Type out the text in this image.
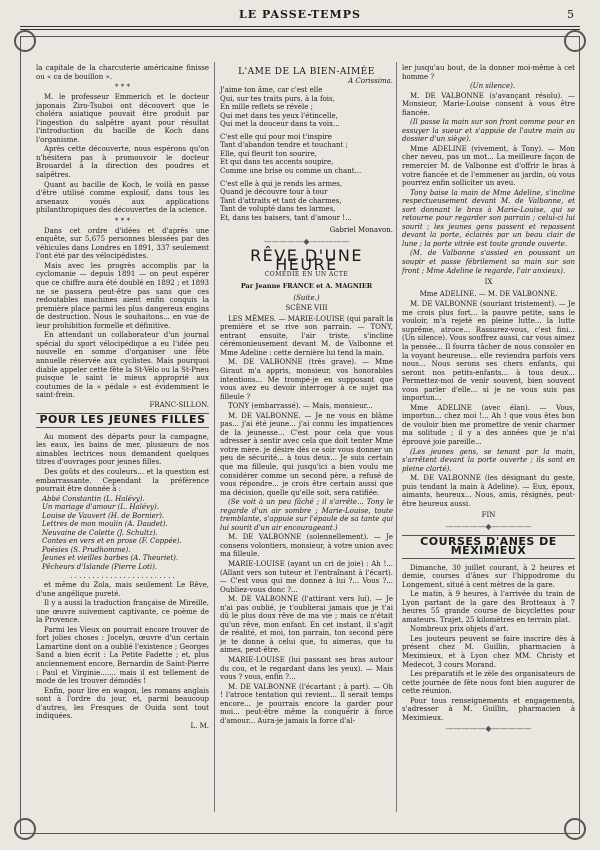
LE PASSE-TEMPS	5

la capitale de la charcuterie américaine finisse ou « ca de bouillon ».

* * *

M. le professeur Emmerich et le docteur japonais Ziro-Tsuboi ont découvert que le choléra asiatique pouvait être produit par l'ingestion du salpêtre ayant pour résultat l'introduction du bacille de Koch dans l'organisme.

Après cette découverte, nous espérons qu'on n'hésitera pas à promouvoir le docteur Brouardel à la direction des poudres et salpêtres.

Quant au bacille de Koch, le voilà en passe d'être utilisé comme explosif, dans tous les arsenaux voués aux applications philanthropiques des découvertes de la science.

* * *

Dans cet ordre d'idées et d'après une enquête, sur 5,675 personnes blessées par des véhicules dans Londres en 1891, 337 seulement l'ont été par des vélocipédistes.

Mais avec les progrès accomplis par la cyclomanie — depuis 1891 — on peut espérer que ce chiffre aura été doublé en 1892 ; et 1893 ne se passera peut-être pas sans que ces redoutables machines aient enfin conquis la première place parmi les plus dangereux engins de destruction. Nous le souhaitons... en vue de leur prohibition formelle et définitive.

En attendant un collaborateur d'un journal spécial du sport vélocipédique a eu l'idée peu nouvelle en somme d'organiser une fête annuelle réservée aux cyclistes. Mais pourquoi diable appeler cette fête la St-Vélo ou la St-Pneu puisque le saint le mieux approprié aux coutumes de la « pédale » est évidemment le saint-frein.

FRANC-SILLON.

POUR LES JEUNES FILLES

Au moment des départs pour la campagne, les eaux, les bains de mer, plusieurs de nos aimables lectrices nous demandent quelques titres d'ouvrages pour jeunes filles.

Des goûts et des couleurs... et la question est embarrassante. Cependant la préférence pourrait être donnée à :

Abbé Constantin (L. Halévy).

Un mariage d'amour (L. Halévy).

Louise de Vauvert (H. de Bornier).

Lettres de mon moulin (A. Daudet).

Neuvaine de Colette (J. Schultz).

Contes en vers et en prose (F. Coppée).

Poésies (S. Prudhomme).

Jeunes et vieilles barbes (A. Theuriet).

Pêcheurs d'Islande (Pierre Loti).

. . . . . . . . . . . . . . . . . . . . . . . .

et même du Zola, mais seulement Le Rêve, d'une angélique pureté.

Il y a aussi la traduction française de Mireille, une œuvre suivement captivante, ce poème de la Provence.

Parmi les Vieux on pourrait encore trouver de fort jolies choses : Jocelyn, œuvre d'un certain Lamartine dont on a oublié l'existence ; Georges Sand a bien écrit : La Petite Fadette ; et, plus anciennement encore, Bernardin de Saint-Pierre : Paul et Virginie....... mais il est tellement de mode de les trouver démodés !

Enfin, pour lire en wagon, les romans anglais sont à l'ordre du jour, et, parmi beaucoup d'autres, les Fresques de Ouida sont tout indiquées.

L. M.

L'AME DE LA BIEN-AIMÉE

A Corissima.

J'aime ton âme, car c'est elle

Qui, sur tes traits purs, à la fois,

En mille reflets se révèle ;

Qui met dans tes yeux l'étincelle,

Qui met la douceur dans ta voix...

C'est elle qui pour moi t'inspire

Tant d'abandon tendre et touchant ;

Elle, qui fleurit ton sourire,

Et qui dans tes accents soupire,

Comme une brise ou comme un chant...

C'est elle à qui je rends les armes,

Quand je découvre tour à tour

Tant d'attraits et tant de charmes,

Tant de volupté dans tes larmes,

Et, dans tes baisers, tant d'amour !...

Gabriel Monavon.

—————◆—————
RÊVE D'UNE HEURE
COMÉDIE EN UN ACTE
Par Jeanne FRANCE et A. MAGNIER
(Suite.)
SCÈNE VIII

LES MÊMES. — MARIE-LOUISE (qui paraît la première et se rive son parrain. — TONY, entrant ensuite, l'air triste, s'incline cérémonieusement devant M. de Valbonne et Mme Adeline : cette dernière lui tend la main.

M. DE VALBONNE (très grave). — Mme Giraut m'a appris, monsieur, vos honorables intentions... Me trompé-je en supposant que vous avez eu devoir interroger à ce sujet ma filleule ?

TONY (embarrassé). — Mais, monsieur...

M. DE VALBONNE. — Je ne vous en blâme pas... j'ai été jeune... j'ai connu les impatiences de la jeunesse... C'est pour cela que vous adresser à sentir avec cela que doit tenter Mme votre mère. je désire dès ce soir vous donner un peu de sécurité... à tous deux... Je suis certain que ma filleule, qui jusqu'ici a bien voulu me considérer comme un second père, a refusé de vous répondre... je crois être certain aussi que ma décision, quelle qu'elle soit, sera ratifiée.

(Se voit à un peu fâché ; il s'arrête... Tony le regarde d'un air sombre ; Marie-Louise, toute tremblante, s'appuie sur l'épaule de sa tante qui lui sourit d'un air encourageant.)

M. DE VALBONNE (solennellement). — Je consens volontiers, monsieur, à votre union avec ma filleule.

MARIE-LOUISE (ayant un cri de joie) : Ah !... (Allant vers son tuteur et l'entraînant à l'écart). — C'est vous qui me donnez à lui ?... Vous ?... Oubliez-vous donc ?...

M. DE VALBONNE (l'attirant vers lui). — Je n'ai pas oublié, je t'oublierai jamais que je t'ai dû le plus doux rêve de ma vie ; mais ce n'était qu'un rêve, mon enfant. En cet instant, il s'agit de réalité, et moi, ton parrain, ton second père je te donne à celui que, tu aimeras, que tu aimes, peut-être.

MARIE-LOUISE (lui passant ses bras autour du cou, et le regardant dans les yeux). — Mais vous ? vous, enfin ?...

M. DE VALBONNE (l'écartant ; à part). — Oh ! l'atroce tentation qui revient... Il serait temps encore... je pourrais encore la garder pour moi... peut-être même la conquérir à force d'amour... Aura-je jamais la force d'al-

ler jusqu'au bout, de la donner moi-même à cet homme ?

(Un silence).

M. DE VALBONNE (s'avançant résolu). — Monsieur, Marie-Louise consent à vous être fiancée.

(Il passe la main sur son front comme pour en essuyer la sueur et s'appuie de l'autre main au dossier d'un siège).

Mme ADELINE (vivement, à Tony). — Mon cher neveu, pas un mot... La meilleure façon de remercier M. de Valbonne est d'offrir le bras à votre fiancée et de l'emmener au jardin, où vous pourrez enfin solliciter un aveu.

Tony baise la main de Mme Adeline, s'incline respectueusement devant M. de Valbonne, et sort donnant le bras à Marie-Louise, qui se retourne pour regarder son parrain ; celui-ci lui sourit ; les jeunes gens passent et repassent devant la porte, éclairés par un beau clair de lune ; la porte vitrée est toute grande ouverte.

(M. de Valbonne s'assied en poussant un soupir et passe fébrilement sa main sur son front ; Mme Adeline le regarde, l'air anxieux).

IX
Mme ADELINE. — M. DE VALBONNE.

M. DE VALBONNE (souriant tristement). — Je me crois plus fort... la pauvre petite, sans le vouloir, m'a rejeté en pleine lutte... la lutte suprême, atroce... Rassurez-vous, c'est fini... (Un silence). Vous souffrez aussi, car vous aimez la pensée... Il fourra tâcher de nous consoler en la voyant heureuse... elle reviendra parfois vers nous... Nous serons ses chers enfants, qui seront nos petits-enfants... à tous deux... Permettez-moi de venir souvent, bien souvent vous parler d'elle... si je ne vous suis pas importun...

Mme ADELINE (avec élan). — Vous, importun... chez moi !... Ah ! que vous êtes bon de vouloir bien me promettre de venir charmer ma solitude ; il y a des années que je n'ai éprouvé joie pareille...

(Les jeunes gens, se tenant par la main, s'arrêtent devant la porte ouverte ; ils sont en pleine clarté).

M. DE VALBONNE (les désignant du geste, puis tendant la main à Adeline). — Eux, époux, aimants, heureux... Nous, amis, résignés, peut-être heureux aussi.

FIN
—————◆—————
COURSES D'ANES DE MEXIMIEUX

Dimanche, 30 juillet courant, à 2 heures et demie, courses d'ânes sur l'hippodrome du Longement, situé à cent mètres de la gare.

Le matin, à 9 heures, à l'arrivée du train de Lyon partant de la gare des Brotteaux à 7 heures 55 grande course de bicyclettes pour amateurs. Trajet, 25 kilomètres en terrain plat.

Nombreux prix objets d'art.

Les jouteurs peuvent se faire inscrire dès à présent chez M. Guillin, pharmacien à Meximieux, et à Lyon chez MM. Christy et Medecot, 3 cours Morand.

Les préparatifs et le zèle des organisateurs de cette journée de fête nous font bien augurer de cette réunion.

Pour tous renseignements et engagements, s'adresser à M. Guillin, pharmacien à Meximieux.

—————◆—————
